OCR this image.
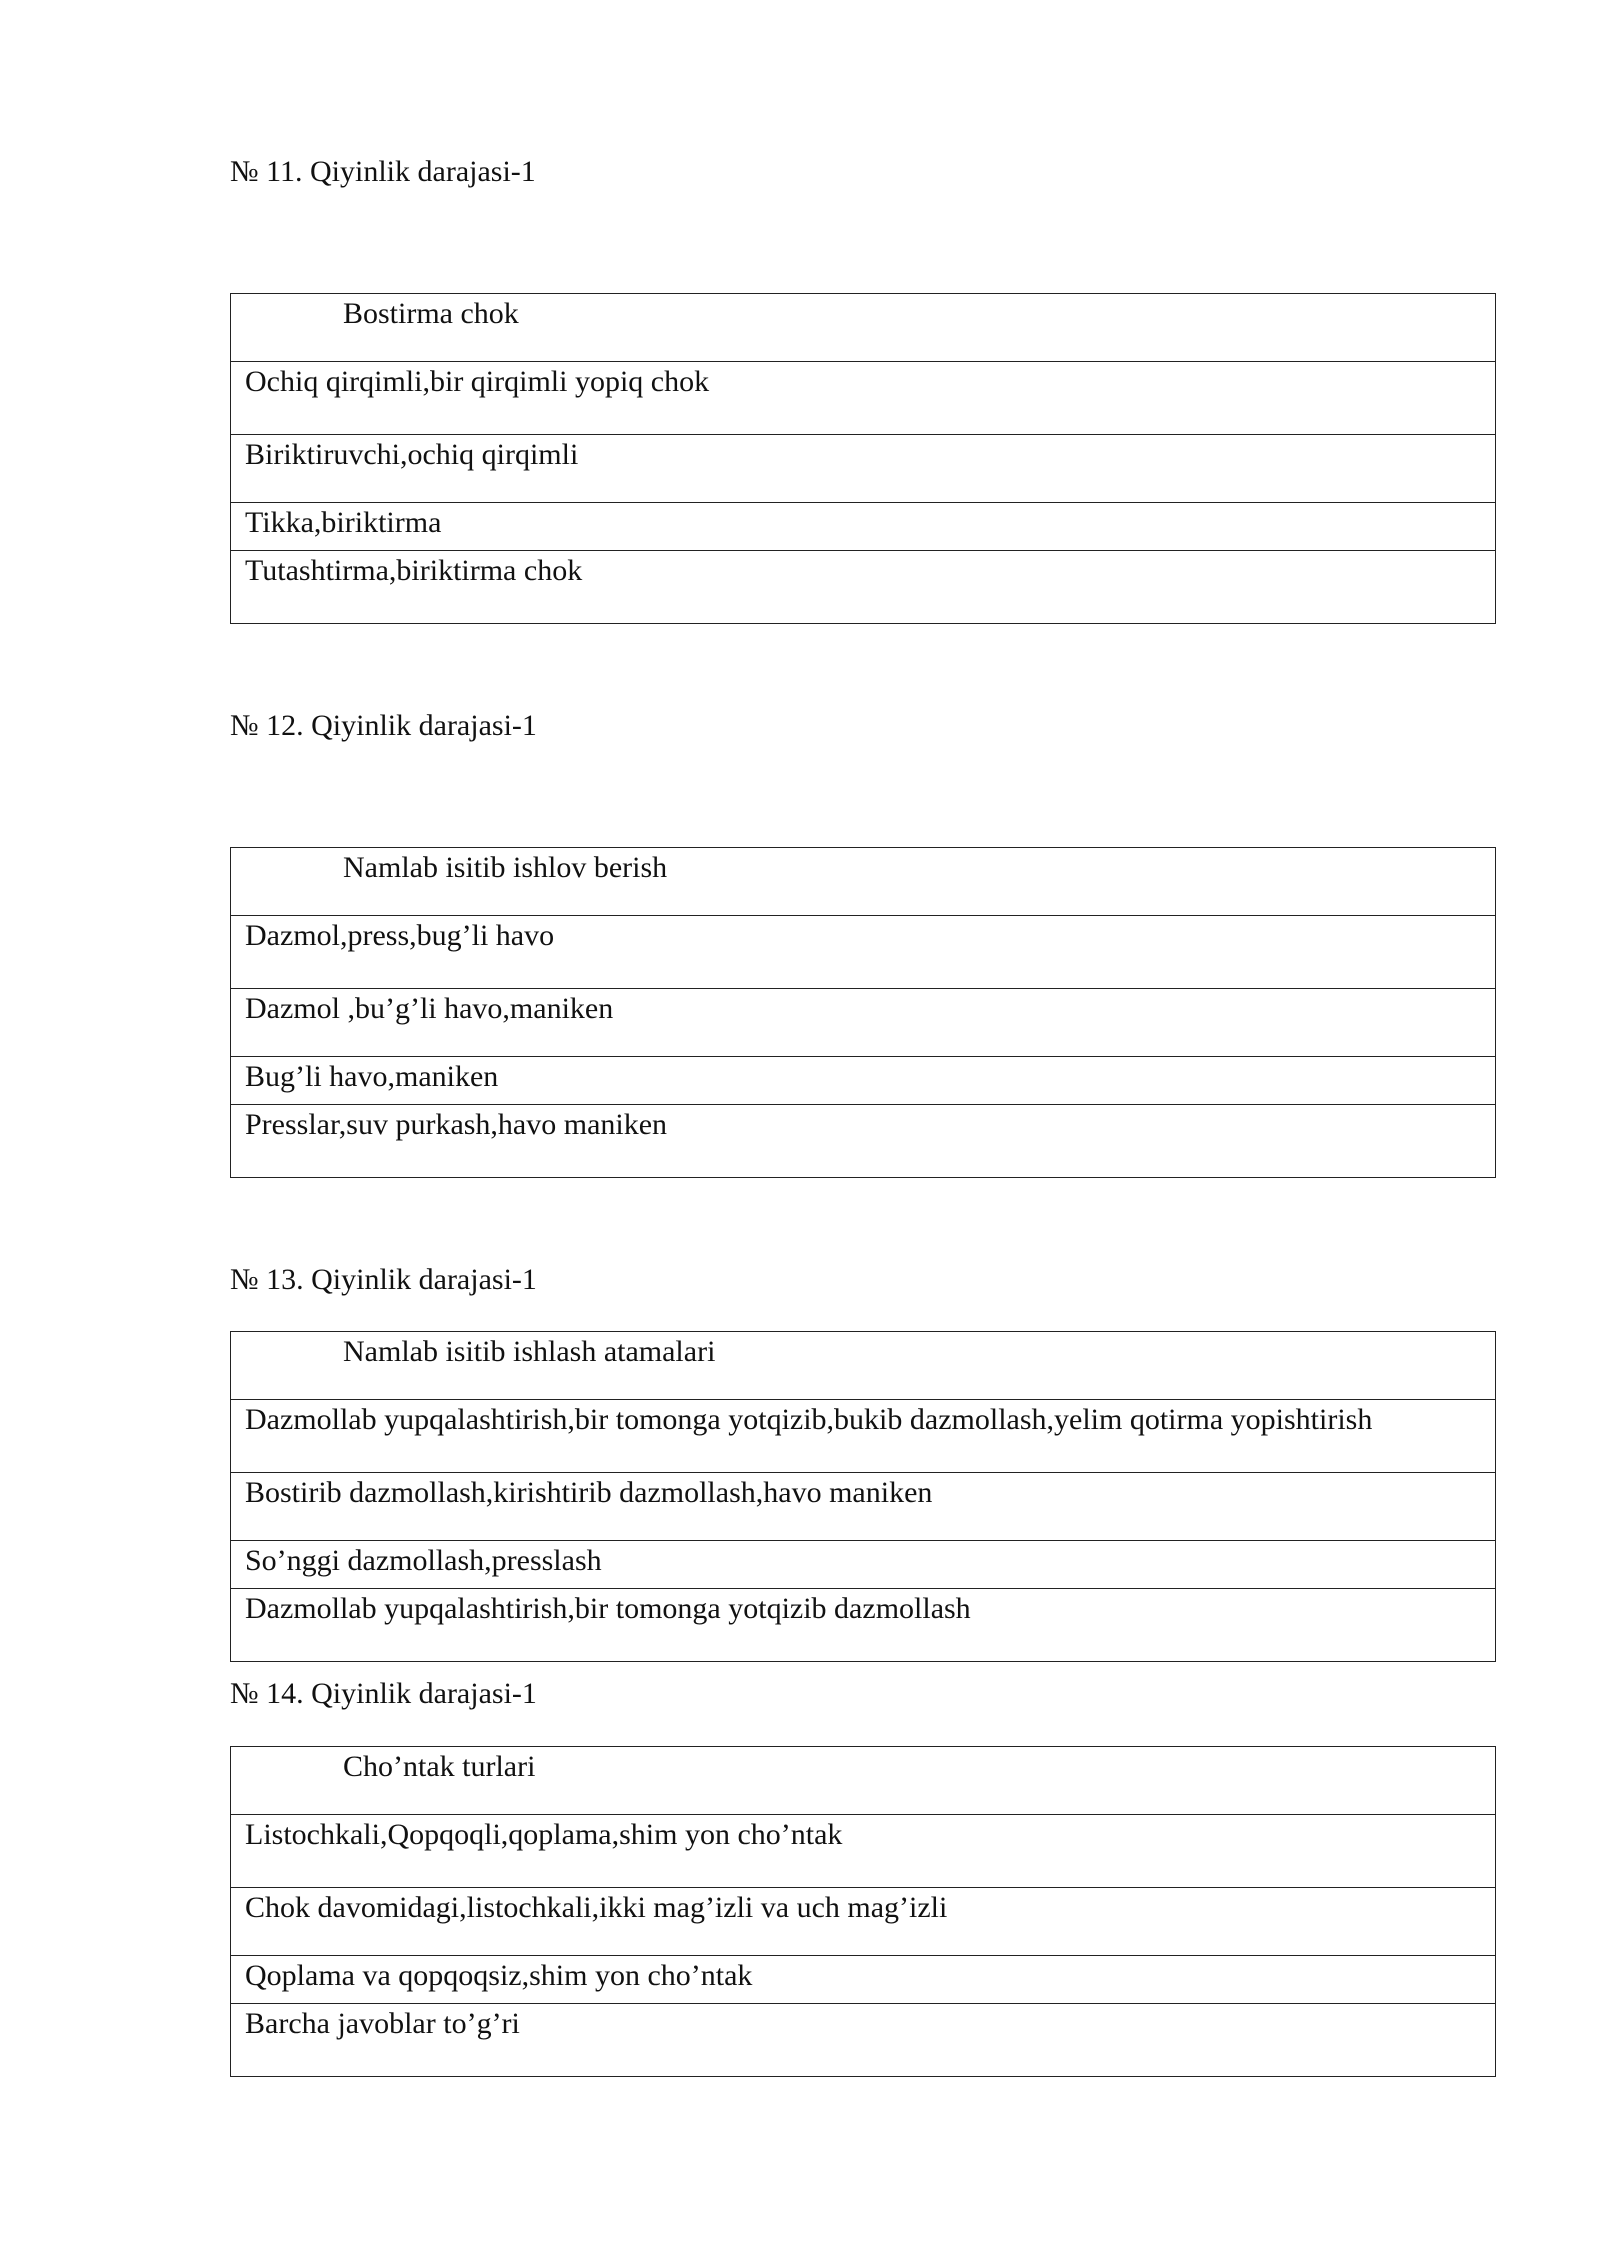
№ 11. Qiyinlik darajasi-1
Bostirma chok
Ochiq qirqimli,bir qirqimli yopiq chok
Biriktiruvchi,ochiq qirqimli
Tikka,biriktirma
Tutashtirma,biriktirma chok
№ 12. Qiyinlik darajasi-1
Namlab isitib ishlov berish
Dazmol,press,bug’li havo
Dazmol ,bu’g’li havo,maniken
Bug’li havo,maniken
Presslar,suv purkash,havo maniken
№ 13. Qiyinlik darajasi-1
Namlab isitib ishlash atamalari
Dazmollab yupqalashtirish,bir tomonga yotqizib,bukib dazmollash,yelim qotirma yopishtirish
Bostirib dazmollash,kirishtirib dazmollash,havo maniken
So’nggi dazmollash,presslash
Dazmollab yupqalashtirish,bir tomonga yotqizib dazmollash
№ 14. Qiyinlik darajasi-1
Cho’ntak turlari
Listochkali,Qopqoqli,qoplama,shim yon cho’ntak
Chok davomidagi,listochkali,ikki mag’izli va uch mag’izli
Qoplama va qopqoqsiz,shim yon cho’ntak
Barcha javoblar to’g’ri
